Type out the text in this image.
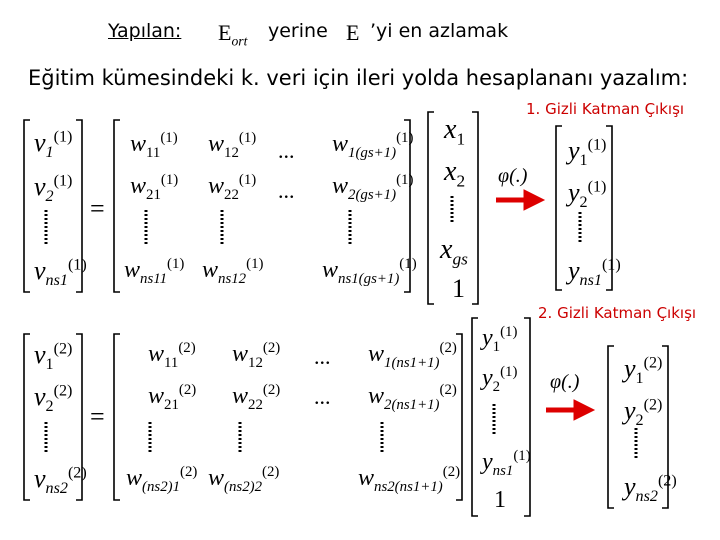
Yapılan: $E_{ort}$ yerine E ’yi en azlamak
Eğitim kümesindeki k. veri için ileri yolda hesaplananı yazalım:
1. Gizli Katman Çıkışı
2. Gizli Katman Çıkışı
$v_1^{(1)}$
$v_2^{(1)}$
$v_{ns1}^{(1)}$
=
$w_{11}^{(1)}$ $w_{12}^{(1)}$ ... $w_{1(gs+1)}^{(1)}$
$w_{21}^{(1)}$ $w_{22}^{(1)}$ ... $w_{2(gs+1)}^{(1)}$
$w_{ns11}^{(1)}$ $w_{ns12}^{(1)}$ $w_{ns1(gs+1)}^{(1)}$
$x_1$
$x_2$
$x_{gs}$
1
φ(.)
$y_1^{(1)}$
$y_2^{(1)}$
$y_{ns1}^{(1)}$
$v_1^{(2)}$
$v_2^{(2)}$
$v_{ns2}^{(2)}$
=
$w_{11}^{(2)}$ $w_{12}^{(2)}$ ... $w_{1(ns1+1)}^{(2)}$
$w_{21}^{(2)}$ $w_{22}^{(2)}$ ... $w_{2(ns1+1)}^{(2)}$
$w_{(ns2)1}^{(2)}$ $w_{(ns2)2}^{(2)}$	$w_{ns2(ns1+1)}^{(2)}$
$y_1^{(1)}$
$y_2^{(1)}$
$y_{ns1}^{(1)}$
1
φ(.) $y_1^{(2)}$
$y_2^{(2)}$
$y_{ns2}^{(2)}$
